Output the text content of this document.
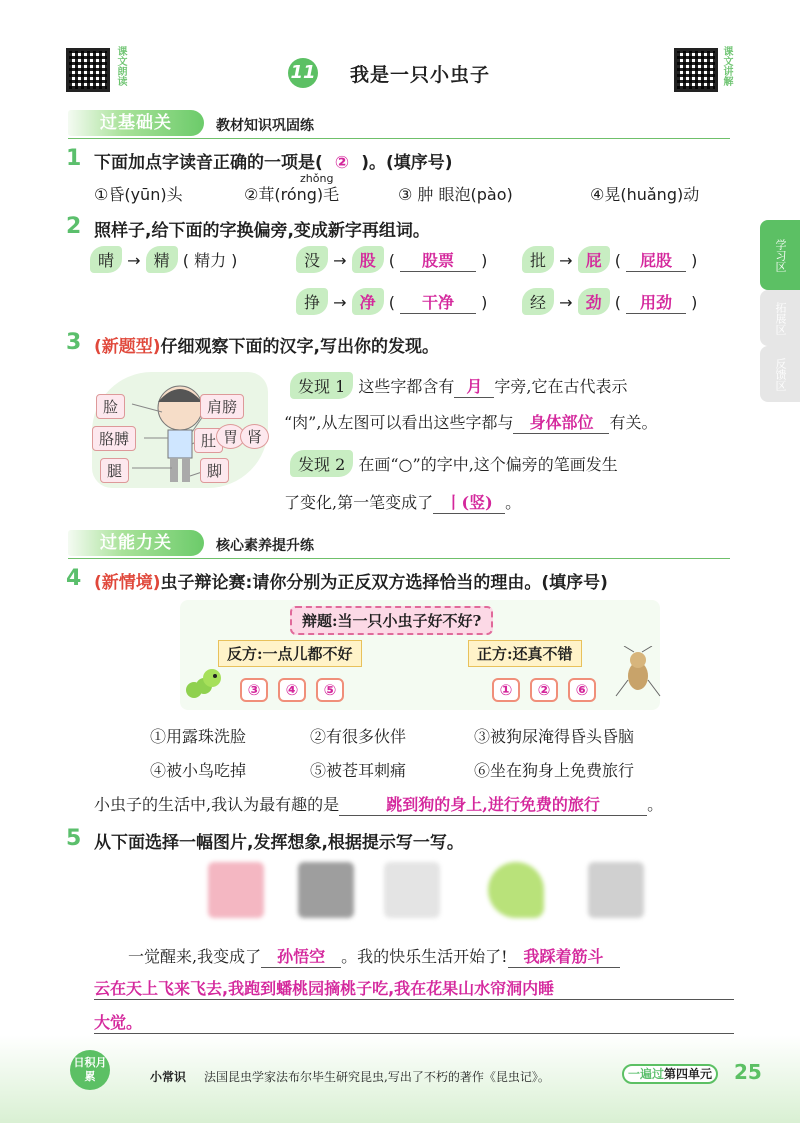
课文朗读	11 我是一只小虫子	课文讲解
学习区
拓展区
反馈区
过基础关	教材知识巩固练
1 下面加点字读音正确的一项是( ② )。(填序号)
zhǒng
①昏(yūn)头	②茸(róng)毛	③ 肿 眼泡(pào)	④晃(huǎng)动
2 照样子,给下面的字换偏旁,变成新字再组词。
晴 → 精 ( 精力 )	没 → 股 ( 股票 )	批 → 屁 ( 屁股 )
挣 → 净 ( 干净 )	经 → 劲 ( 用劲 )
3 (新题型)仔细观察下面的汉字,写出你的发现。
脸	肩膀
胳膊	肚 胃 肾
腿	脚
发现 1 这些字都含有 月 字旁,它在古代表示
“肉”,从左图可以看出这些字都与 身体部位 有关。
发现 2 在画“○”的字中,这个偏旁的笔画发生
了变化,第一笔变成了 丨(竖) 。
过能力关	核心素养提升练
4 (新情境)虫子辩论赛:请你分别为正反双方选择恰当的理由。(填序号)
辩题:当一只小虫子好不好?
反方:一点儿都不好	正方:还真不错
③ ④ ⑤	① ② ⑥
①用露珠洗脸	②有很多伙伴	③被狗尿淹得昏头昏脑
④被小鸟吃掉	⑤被苍耳刺痛	⑥坐在狗身上免费旅行
小虫子的生活中,我认为最有趣的是	跳到狗的身上,进行免费的旅行	。
5 从下面选择一幅图片,发挥想象,根据提示写一写。
一觉醒来,我变成了 孙悟空 。我的快乐生活开始了! 我踩着筋斗
云在天上飞来飞去,我跑到蟠桃园摘桃子吃,我在花果山水帘洞内睡
大觉。
日积月累	小常识 法国昆虫学家法布尔毕生研究昆虫,写出了不朽的著作《昆虫记》。	一遍过第四单元	25
